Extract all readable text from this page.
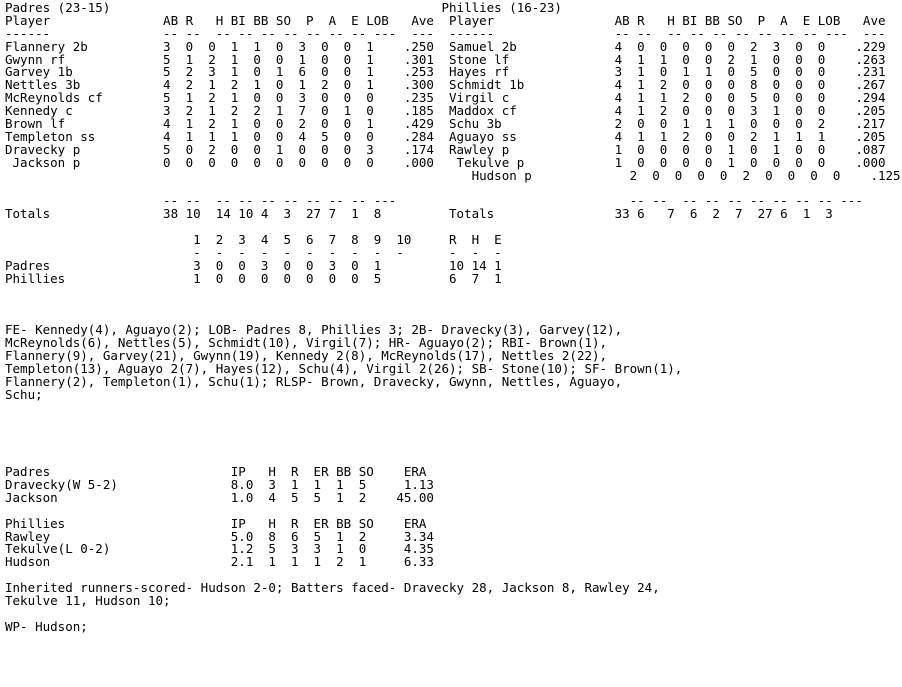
Padres (23-15)                                            Phillies (16-23)
Player               AB R   H BI BB SO  P  A  E LOB   Ave  Player                AB R   H BI BB SO  P  A  E LOB   Ave
------               -- --  -- -- -- -- -- -- -- ---  ---  ------                -- --  -- -- -- -- -- -- -- ---  ---
Flannery 2b          3  0  0  1  1  0  3  0  0  1    .250  Samuel 2b             4  0  0  0  0  0  2  3  0  0    .229
Gwynn rf             5  1  2  1  0  0  1  0  0  1    .301  Stone lf              4  1  1  0  0  2  1  0  0  0    .263
Garvey 1b            5  2  3  1  0  1  6  0  0  1    .253  Hayes rf              3  1  0  1  1  0  5  0  0  0    .231
Nettles 3b           4  2  1  2  1  0  1  2  0  1    .300  Schmidt 1b            4  1  2  0  0  0  8  0  0  0    .267
McReynolds cf        5  1  2  1  0  0  3  0  0  0    .235  Virgil c              4  1  1  2  0  0  5  0  0  0    .294
Kennedy c            3  2  1  2  2  1  7  0  1  0    .185  Maddox cf             4  1  2  0  0  0  3  1  0  0    .205
Brown lf             4  1  2  1  0  0  2  0  0  1    .429  Schu 3b               2  0  0  1  1  1  0  0  0  2    .217
Templeton ss         4  1  1  1  0  0  4  5  0  0    .284  Aguayo ss             4  1  1  2  0  0  2  1  1  1    .205
Dravecky p           5  0  2  0  0  1  0  0  0  3    .174  Rawley p              1  0  0  0  0  1  0  1  0  0    .087
Jackson p           0  0  0  0  0  0  0  0  0  0    .000   Tekulve p            1  0  0  0  0  1  0  0  0  0    .000
Hudson p             2  0  0  0  0  2  0  0  0  0    .125
-- --  -- -- -- -- -- -- -- ---                               -- --  -- -- -- -- -- -- -- ---
Totals               38 10  14 10 4  3  27 7  1  8         Totals                33 6   7  6  2  7  27 6  1  3
1  2  3  4  5  6  7  8  9  10     R  H  E
-  -  -  -  -  -  -  -  -  -      -  -  -
Padres                   3  0  0  3  0  0  3  0  1         10 14 1
Phillies                 1  0  0  0  0  0  0  0  5         6  7  1
FE- Kennedy(4), Aguayo(2); LOB- Padres 8, Phillies 3; 2B- Dravecky(3), Garvey(12),
McReynolds(6), Nettles(5), Schmidt(10), Virgil(7); HR- Aguayo(2); RBI- Brown(1),
Flannery(9), Garvey(21), Gwynn(19), Kennedy 2(8), McReynolds(17), Nettles 2(22),
Templeton(13), Aguayo 2(7), Hayes(12), Schu(4), Virgil 2(26); SB- Stone(10); SF- Brown(1),
Flannery(2), Templeton(1), Schu(1); RLSP- Brown, Dravecky, Gwynn, Nettles, Aguayo,
Schu;
Padres                        IP   H  R  ER BB SO    ERA
Dravecky(W 5-2)               8.0  3  1  1  1  5     1.13
Jackson                       1.0  4  5  5  1  2    45.00
Phillies                      IP   H  R  ER BB SO    ERA
Rawley                        5.0  8  6  5  1  2     3.34
Tekulve(L 0-2)                1.2  5  3  3  1  0     4.35
Hudson                        2.1  1  1  1  2  1     6.33
Inherited runners-scored- Hudson 2-0; Batters faced- Dravecky 28, Jackson 8, Rawley 24,
Tekulve 11, Hudson 10;
WP- Hudson;
